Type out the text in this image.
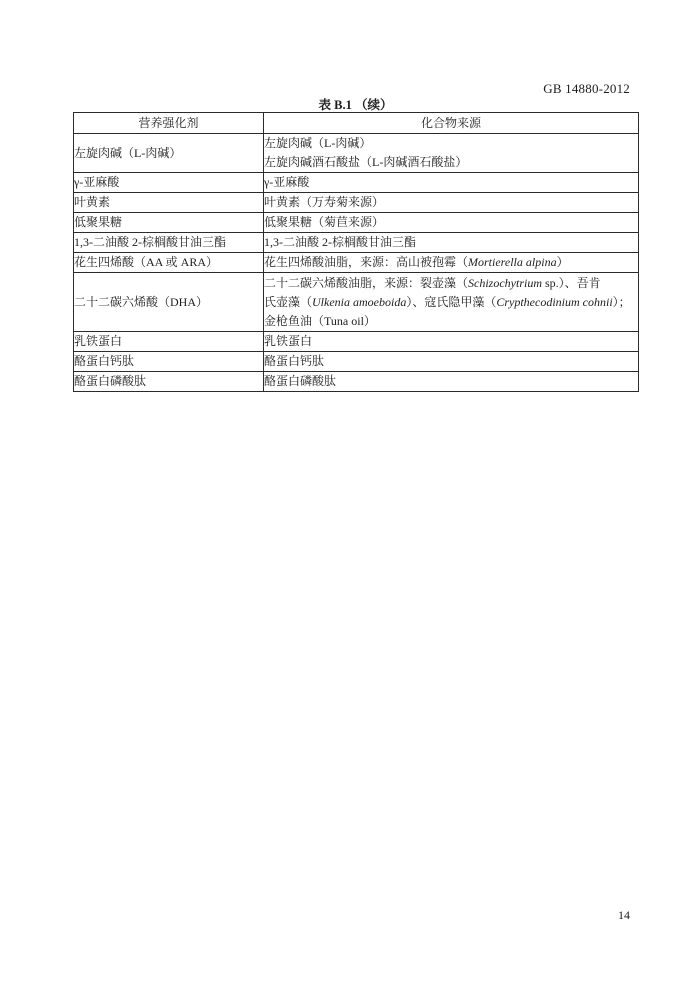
GB 14880-2012
表 B.1 （续）
营养强化剂	化合物来源
左旋肉碱（L-肉碱）	左旋肉碱（L-肉碱）
左旋肉碱酒石酸盐（L-肉碱酒石酸盐）

γ-亚麻酸	γ-亚麻酸

叶黄素	叶黄素（万寿菊来源）

低聚果糖	低聚果糖（菊苣来源）

1,3-二油酸 2-棕榈酸甘油三酯	1,3-二油酸 2-棕榈酸甘油三酯

花生四烯酸（AA 或 ARA）	花生四烯酸油脂，来源：高山被孢霉（Mortierella alpina）

二十二碳六烯酸（DHA）	二十二碳六烯酸油脂，来源：裂壶藻（Schizochytrium sp.）、吾肯
氏壶藻（Ulkenia amoeboida）、寇氏隐甲藻（Crypthecodinium cohnii）；
金枪鱼油（Tuna oil）

乳铁蛋白	乳铁蛋白

酪蛋白钙肽	酪蛋白钙肽

酪蛋白磷酸肽	酪蛋白磷酸肽
14
